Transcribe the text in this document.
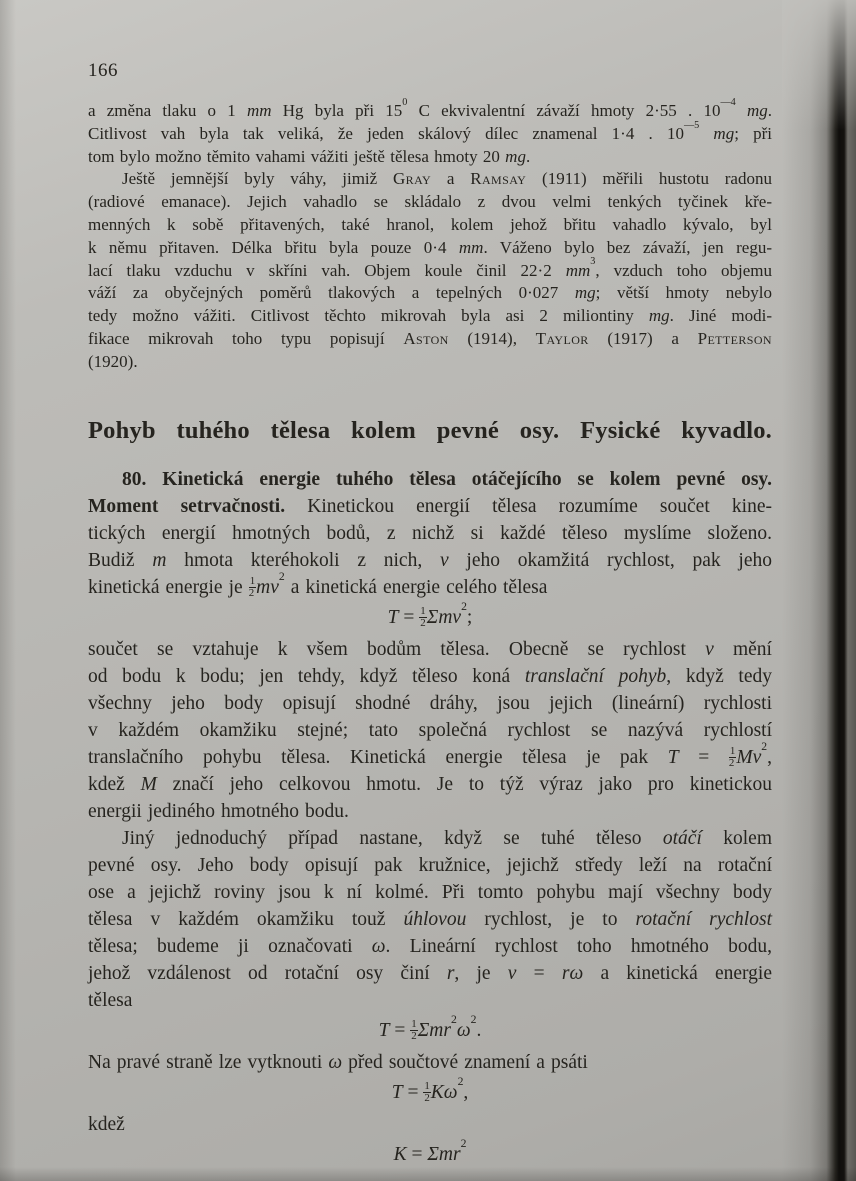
166
a změna tlaku o 1 mm Hg byla při $15^0$ C ekvivalentní závaží hmoty 2·55 . $10^{—4}$ mg.
Citlivost vah byla tak veliká, že jeden skálový dílec znamenal 1·4 . $10^{—5}$ mg; při
tom bylo možno těmito vahami vážiti ještě tělesa hmoty 20 mg.
Ještě jemnější byly váhy, jimiž Gray a Ramsay (1911) měřili hustotu radonu
(radiové emanace). Jejich vahadlo se skládalo z dvou velmi tenkých tyčinek kře-
menných k sobě přitavených, také hranol, kolem jehož břitu vahadlo kývalo, byl
k němu přitaven. Délka břitu byla pouze 0·4 mm. Váženo bylo bez závaží, jen regu-
lací tlaku vzduchu v skříni vah. Objem koule činil 22·2 $mm^3$, vzduch toho objemu
váží za obyčejných poměrů tlakových a tepelných 0·027 mg; větší hmoty nebylo
tedy možno vážiti. Citlivost těchto mikrovah byla asi 2 miliontiny mg. Jiné modi-
fikace mikrovah toho typu popisují Aston (1914), Taylor (1917) a Petterson
(1920).
Pohyb tuhého tělesa kolem pevné osy. Fysické kyvadlo.
80. Kinetická energie tuhého tělesa otáčejícího se kolem pevné osy.
Moment setrvačnosti. Kinetickou energií tělesa rozumíme součet kine-
tických energií hmotných bodů, z nichž si každé těleso myslíme složeno.
Budiž m hmota kteréhokoli z nich, v jeho okamžitá rychlost, pak jeho
kinetická energie je $\frac{1}{2} mv^2$ a kinetická energie celého tělesa
$T = \frac{1}{2} \Sigma mv^2$;
součet se vztahuje k všem bodům tělesa. Obecně se rychlost v mění
od bodu k bodu; jen tehdy, když těleso koná translační pohyb, když tedy
všechny jeho body opisují shodné dráhy, jsou jejich (lineární) rychlosti
v každém okamžiku stejné; tato společná rychlost se nazývá rychlostí
translačního pohybu tělesa. Kinetická energie tělesa je pak $T = \frac{1}{2} Mv^2$,
kdež M značí jeho celkovou hmotu. Je to týž výraz jako pro kinetickou
energii jediného hmotného bodu.
Jiný jednoduchý případ nastane, když se tuhé těleso otáčí kolem
pevné osy. Jeho body opisují pak kružnice, jejichž středy leží na rotační
ose a jejichž roviny jsou k ní kolmé. Při tomto pohybu mají všechny body
tělesa v každém okamžiku touž úhlovou rychlost, je to rotační rychlost
tělesa; budeme ji označovati ω. Lineární rychlost toho hmotného bodu,
jehož vzdálenost od rotační osy činí r, je v = rω a kinetická energie
tělesa
$T = \frac{1}{2} \Sigma mr^2\omega^2$.
Na pravé straně lze vytknouti ω před součtové znamení a psáti
$T = \frac{1}{2} K\omega^2$,
kdež
K = Σmr$^2$
